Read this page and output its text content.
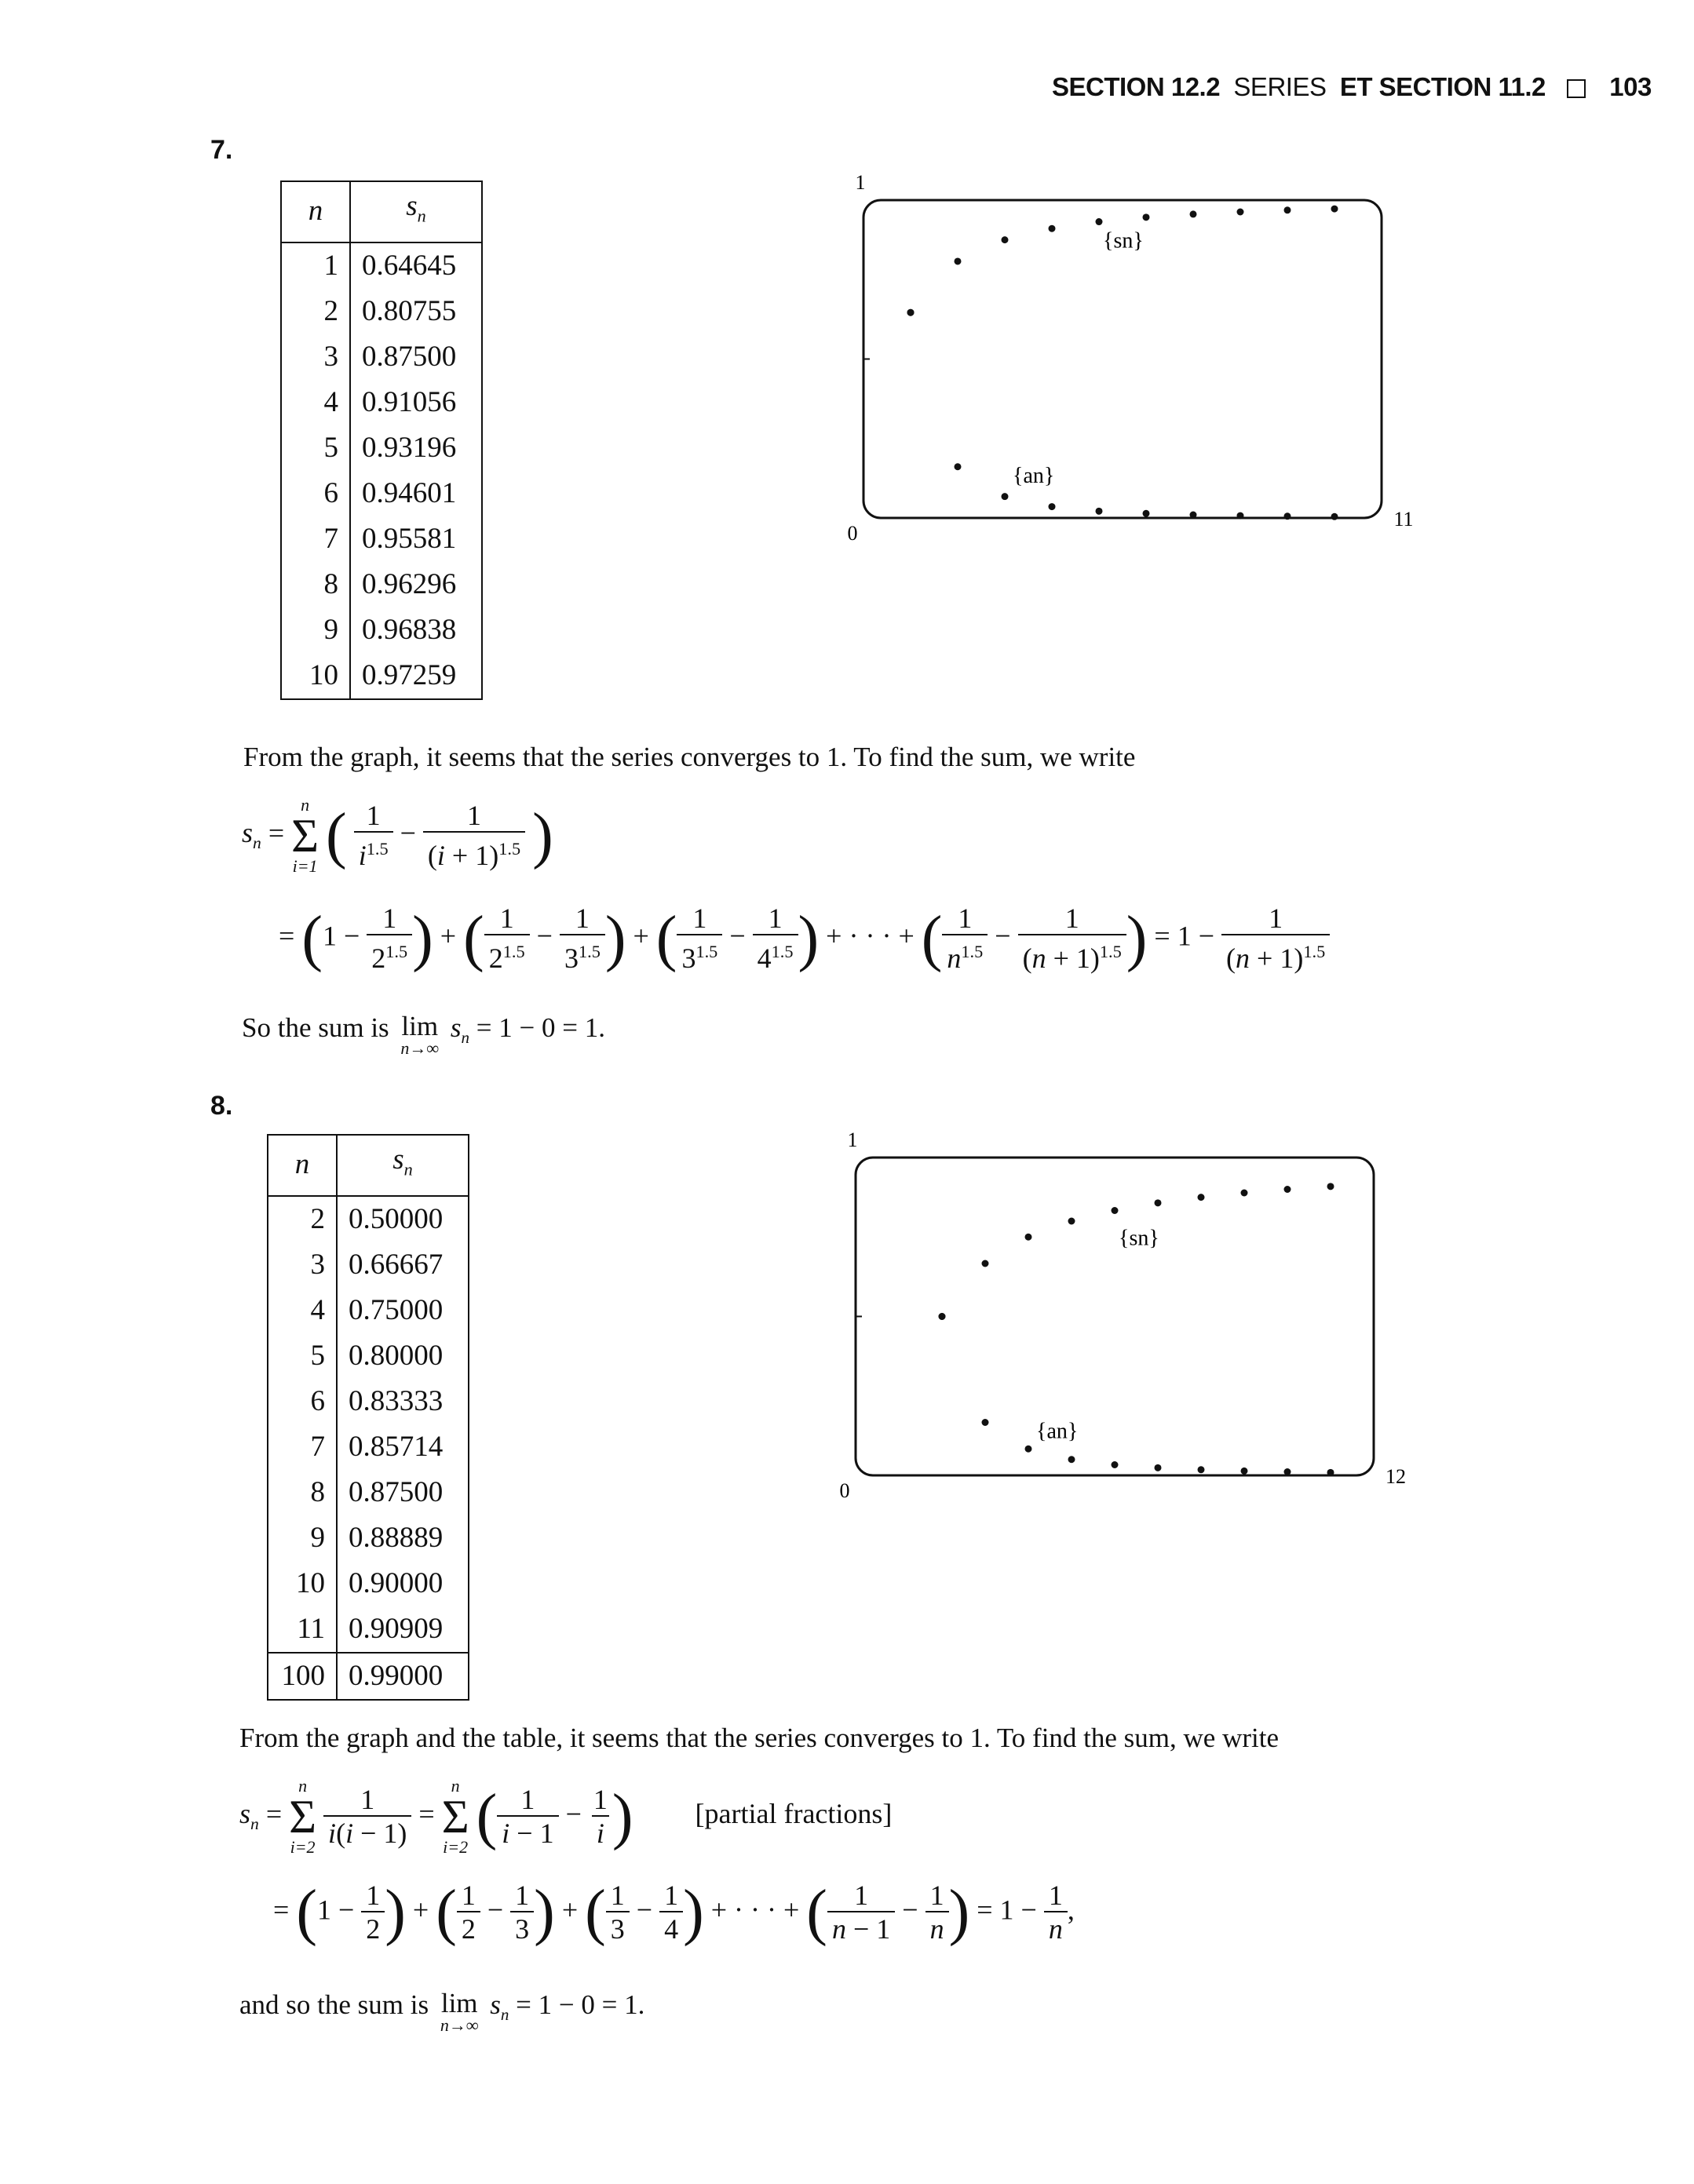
SECTION 12.2 SERIES ET SECTION 11.2 103
7.
n	$s_n$
1	0.64645
2	0.80755
3	0.87500
4	0.91056
5	0.93196
6	0.94601
7	0.95581
8	0.96296
9	0.96838
10	0.97259
1
0
11
{sn}
{an}
From the graph, it seems that the series converges to 1. To find the sum, we write
$s_n$ =
n
Σ
i=1 ( $\frac{1}{i^{1.5}} - \frac{1}{(i + 1)^{1.5}}$ )
= ($1 - \frac{1}{2^{1.5}}$ ) + ( $\frac{1}{2^{1.5}} - \frac{1}{3^{1.5}}$ ) + ( $\frac{1}{3^{1.5}} - \frac{1}{4^{1.5}}$ ) + · · · + ( $\frac{1}{n^{1.5}} - \frac{1}{(n + 1)^{1.5}}$ ) = $1 - \frac{1}{(n + 1)^{1.5}}$
So the sum is lim
n→∞
$s_n = 1 - 0 = 1$.
8.
n	$s_n$
2	0.50000
3	0.66667
4	0.75000
5	0.80000
6	0.83333
7	0.85714
8	0.87500
9	0.88889
10	0.90000
11	0.90909
100	0.99000
1
0
12
{sn}
{an}
From the graph and the table, it seems that the series converges to 1. To find the sum, we write
$s_n$ =
n
Σ
i=2
$\frac{1}{i(i - 1)}$ =
n
Σ
i=2 ( $\frac{1}{i - 1} - \frac{1}{i}$ ) [partial fractions]
= ($1 - \frac{1}{2}$ ) + ( $\frac{1}{2} - \frac{1}{3}$ ) + ( $\frac{1}{3} - \frac{1}{4}$ ) + · · · + ( $\frac{1}{n - 1} - \frac{1}{n}$ ) = $1 - \frac{1}{n}$ ,
and so the sum is lim
n→∞
$s_n = 1 - 0 = 1$.
